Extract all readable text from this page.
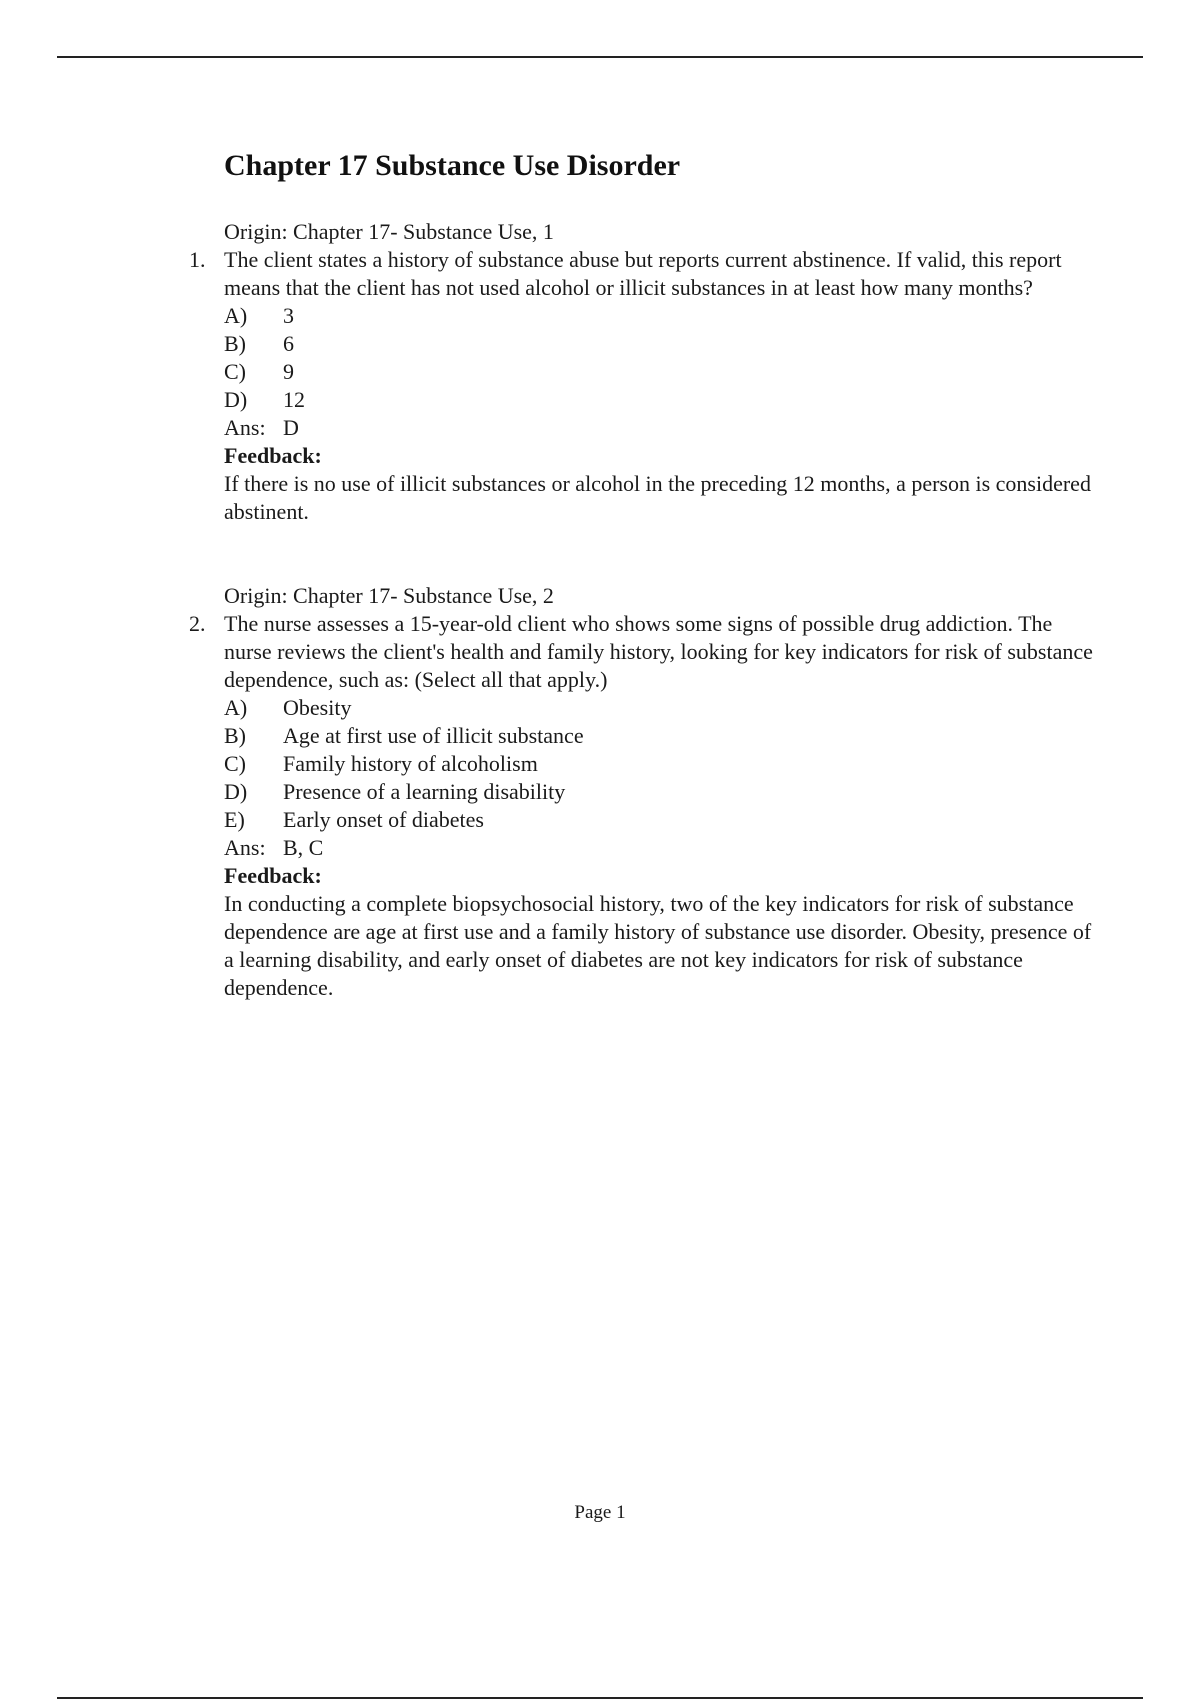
Chapter 17 Substance Use Disorder

Origin: Chapter 17- Substance Use, 1

1. The client states a history of substance abuse but reports current abstinence. If valid, this report means that the client has not used alcohol or illicit substances in at least how many months?

A)	3
B)	6
C)	9
D)	12

Ans: D

Feedback:

If there is no use of illicit substances or alcohol in the preceding 12 months, a person is considered abstinent.

Origin: Chapter 17- Substance Use, 2

2. The nurse assesses a 15-year-old client who shows some signs of possible drug addiction. The nurse reviews the client's health and family history, looking for key indicators for risk of substance dependence, such as: (Select all that apply.)

A)	Obesity
B)	Age at first use of illicit substance
C)	Family history of alcoholism
D)	Presence of a learning disability
E)	Early onset of diabetes

Ans: B, C

Feedback:

In conducting a complete biopsychosocial history, two of the key indicators for risk of substance dependence are age at first use and a family history of substance use disorder. Obesity, presence of a learning disability, and early onset of diabetes are not key indicators for risk of substance dependence.

Page 1
